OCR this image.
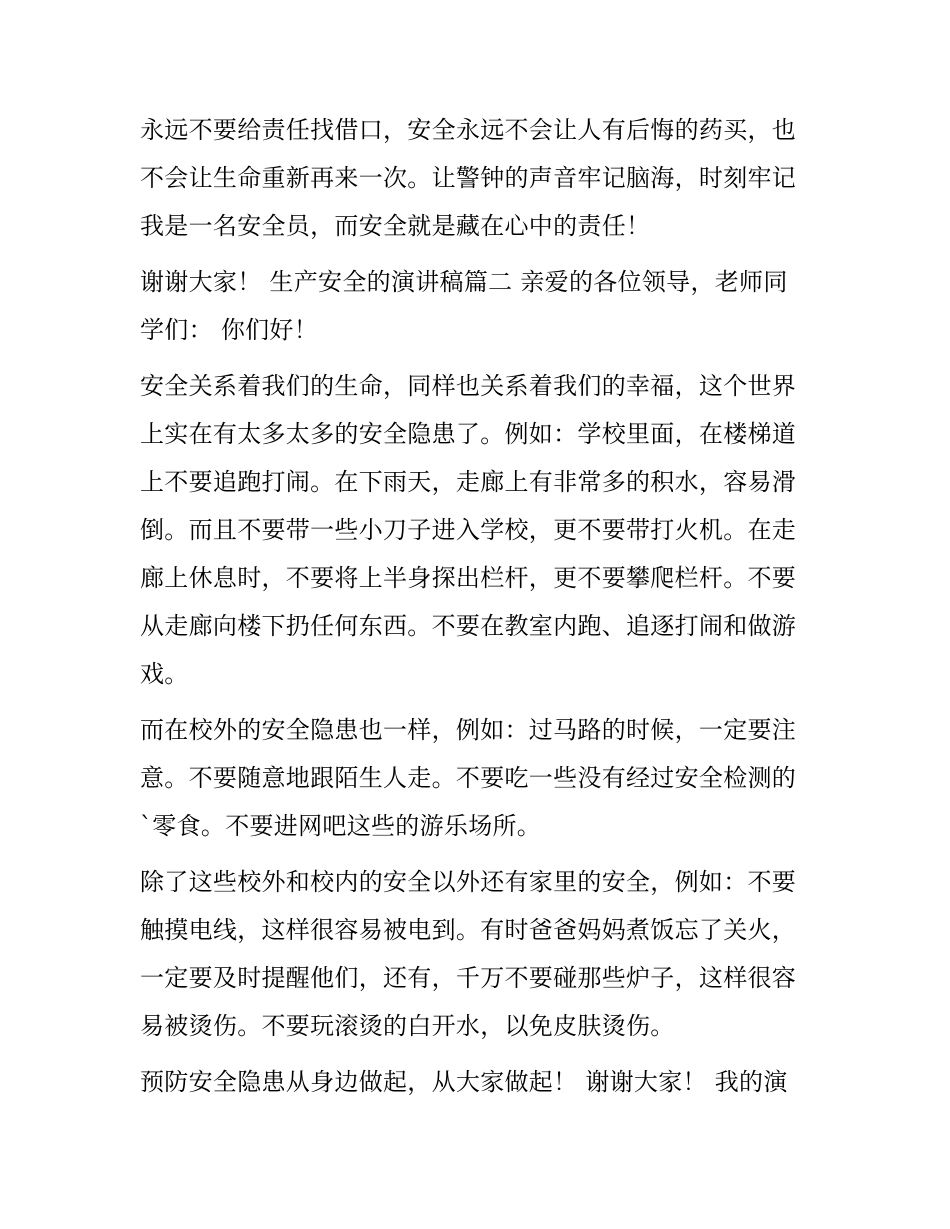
永远不要给责任找借口，安全永远不会让人有后悔的药买，也
不会让生命重新再来一次。让警钟的声音牢记脑海，时刻牢记
我是一名安全员，而安全就是藏在心中的责任！
谢谢大家！ 生产安全的演讲稿篇二 亲爱的各位领导，老师同
学们： 你们好！
安全关系着我们的生命，同样也关系着我们的幸福，这个世界
上实在有太多太多的安全隐患了。例如：学校里面，在楼梯道
上不要追跑打闹。在下雨天，走廊上有非常多的积水，容易滑
倒。而且不要带一些小刀子进入学校，更不要带打火机。在走
廊上休息时，不要将上半身探出栏杆，更不要攀爬栏杆。不要
从走廊向楼下扔任何东西。不要在教室内跑、追逐打闹和做游
戏。
而在校外的安全隐患也一样，例如：过马路的时候，一定要注
意。不要随意地跟陌生人走。不要吃一些没有经过安全检测的
`零食。不要进网吧这些的游乐场所。
除了这些校外和校内的安全以外还有家里的安全，例如：不要
触摸电线，这样很容易被电到。有时爸爸妈妈煮饭忘了关火，
一定要及时提醒他们，还有，千万不要碰那些炉子，这样很容
易被烫伤。不要玩滚烫的白开水，以免皮肤烫伤。
预防安全隐患从身边做起，从大家做起！ 谢谢大家！ 我的演
